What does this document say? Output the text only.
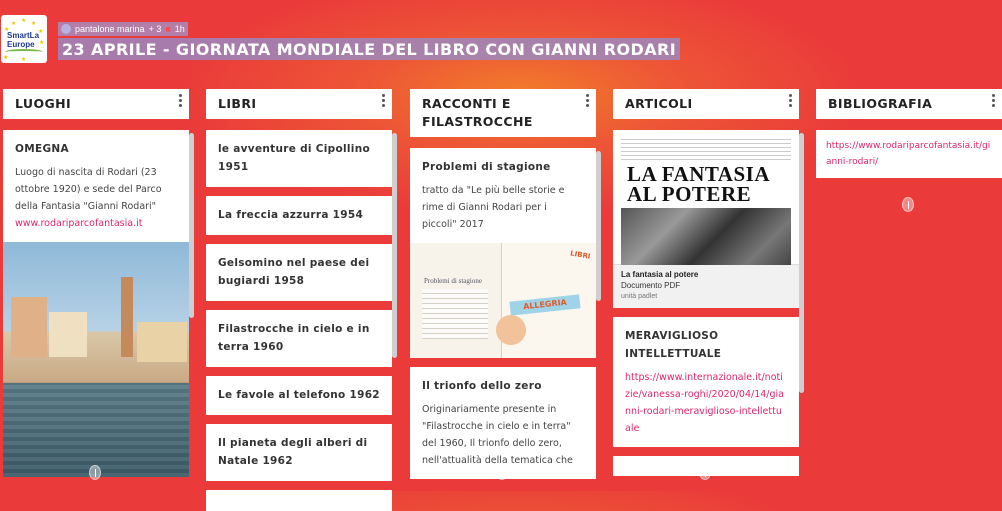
★ ★
★
★
★
★
★ ★
SmartLa
Europe
pantalone marina + 3 ■ 1h
23 APRILE - GIORNATA MONDIALE DEL LIBRO CON GIANNI RODARI
LUOGHI
OMEGNA
Luogo di nascita di Rodari (23 ottobre 1920) e sede del Parco della Fantasia "Gianni Rodari"
www.rodariparcofantasia.it
LIBRI
le avventure di Cipollino 1951
La freccia azzurra 1954
Gelsomino nel paese dei bugiardi 1958
Filastrocche in cielo e in terra 1960
Le favole al telefono 1962
Il pianeta degli alberi di Natale 1962
RACCONTI E FILASTROCCHE
Problemi di stagione
tratto da "Le più belle storie e rime di Gianni Rodari per i piccoli" 2017
Problemi di stagione
ALLEGRIA
LIBRI
Il trionfo dello zero
Originariamente presente in "Filastrocche in cielo e in terra" del 1960, Il trionfo dello zero, nell'attualità della tematica che
ARTICOLI
LA FANTASIA
AL POTERE
La fantasia al potere
Documento PDF
unità padlet
MERAVIGLIOSO INTELLETTUALE
https://www.internazionale.it/notizie/vanessa-roghi/2020/04/14/gianni-rodari-meraviglioso-intellettuale
BIBLIOGRAFIA
https://www.rodariparcofantasia.it/gianni-rodari/
